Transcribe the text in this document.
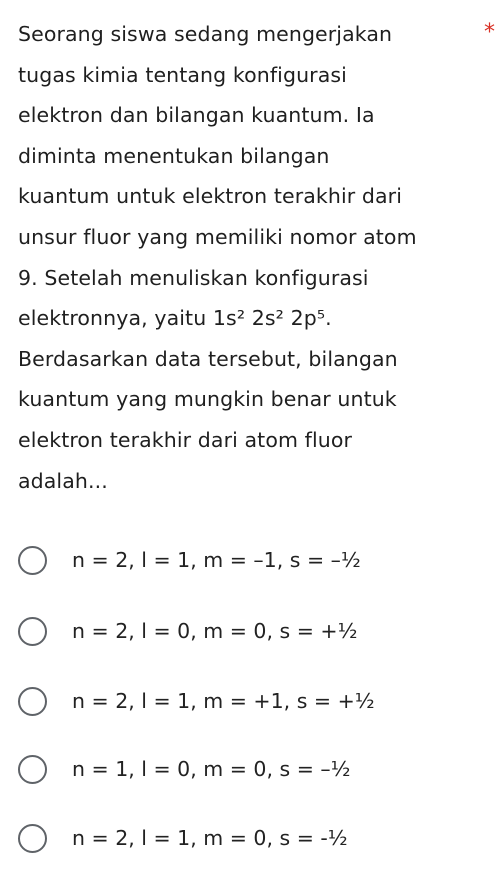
Seorang siswa sedang mengerjakan

tugas kimia tentang konfigurasi

elektron dan bilangan kuantum. Ia

diminta menentukan bilangan

kuantum untuk elektron terakhir dari

unsur fluor yang memiliki nomor atom

9. Setelah menuliskan konfigurasi

elektronnya, yaitu 1s² 2s² 2p⁵.

Berdasarkan data tersebut, bilangan

kuantum yang mungkin benar untuk

elektron terakhir dari atom fluor

adalah...

*
n = 2, l = 1, m = –1, s = –½
n = 2, l = 0, m = 0, s = +½
n = 2, l = 1, m = +1, s = +½
n = 1, l = 0, m = 0, s = –½
n = 2, l = 1, m = 0, s = -½
